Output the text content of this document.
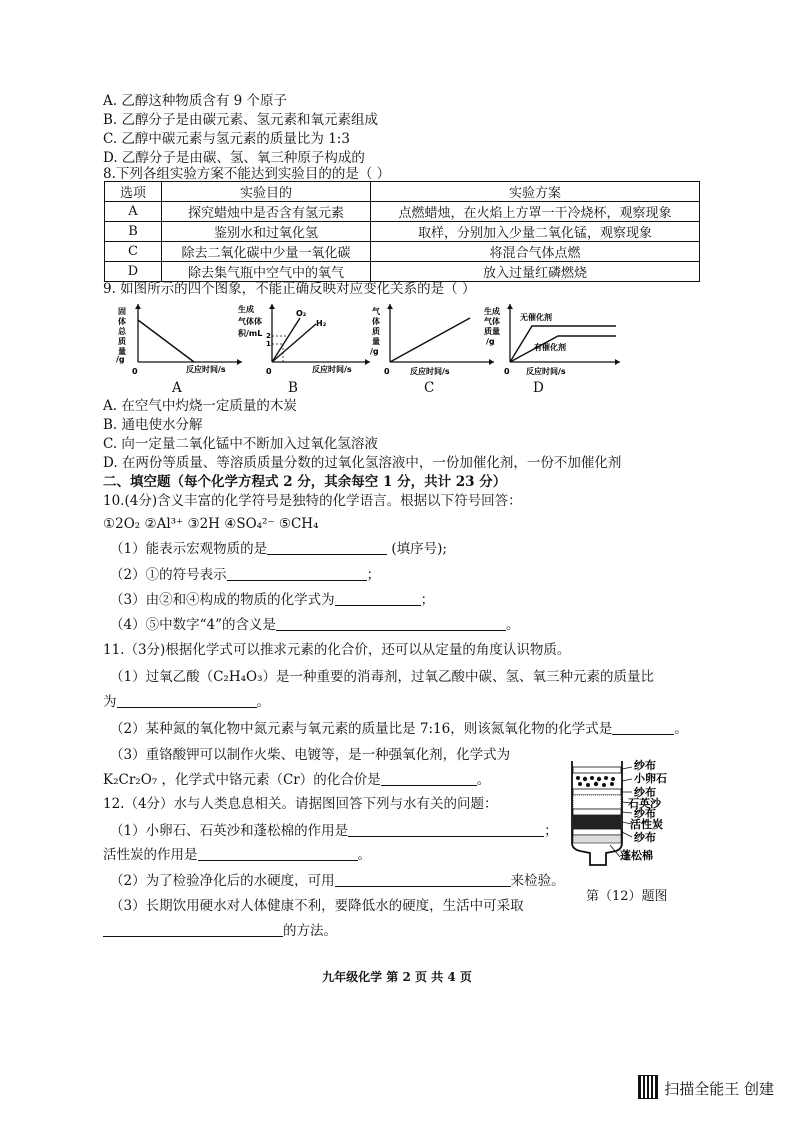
A. 乙醇这种物质含有 9 个原子
B. 乙醇分子是由碳元素、氢元素和氧元素组成
C. 乙醇中碳元素与氢元素的质量比为 1:3
D. 乙醇分子是由碳、氢、氧三种原子构成的
8.下列各组实验方案不能达到实验目的的是（ ）
选项	实验目的	实验方案
A	探究蜡烛中是否含有氢元素	点燃蜡烛，在火焰上方罩一干冷烧杯，观察现象
B	鉴别水和过氧化氢	取样，分别加入少量二氧化锰，观察现象
C	除去二氧化碳中少量一氧化碳	将混合气体点燃
D	除去集气瓶中空气中的氧气	放入过量红磷燃烧
9. 如图所示的四个图象，不能正确反映对应变化关系的是（ ）
固
体
总
质
量
/g
0	反应时间/s
A
生成
气体体
积/mL 2
1
O₂
H₂
0	反应时间/s
B
气
体
质
量
/g
0	反应时间/s
C
生成
气体
质量
/g
无催化剂
有催化剂
0 反应时间/s
D
A. 在空气中灼烧一定质量的木炭
B. 通电使水分解
C. 向一定量二氧化锰中不断加入过氧化氢溶液
D. 在两份等质量、等溶质质量分数的过氧化氢溶液中，一份加催化剂，一份不加催化剂
二、填空题（每个化学方程式 2 分，其余每空 1 分，共计 23 分）
10.(4分)含义丰富的化学符号是独特的化学语言。根据以下符号回答：
①2O₂ ②Al³⁺ ③2H ④SO₄²⁻ ⑤CH₄
（1）能表示宏观物质的是	(填序号);
（2）①的符号表示	；
（3）由②和④构成的物质的化学式为	；
（4）⑤中数字“4”的含义是	。
11.（3分)根据化学式可以推求元素的化合价，还可以从定量的角度认识物质。
（1）过氧乙酸（C₂H₄O₃）是一种重要的消毒剂，过氧乙酸中碳、氢、氧三种元素的质量比
为	。
（2）某种氮的氧化物中氮元素与氧元素的质量比是 7:16，则该氮氧化物的化学式是	。
（3）重铬酸钾可以制作火柴、电镀等，是一种强氧化剂，化学式为
K₂Cr₂O₇ ，化学式中铬元素（Cr）的化合价是	。
12.（4分）水与人类息息相关。请据图回答下列与水有关的问题：
（1）小卵石、石英沙和蓬松棉的作用是	；
活性炭的作用是	。
（2）为了检验净化后的水硬度，可用	来检验。
（3）长期饮用硬水对人体健康不利，要降低水的硬度，生活中可采取
的方法。
纱布
小卵石
纱布
石英沙
纱布
活性炭
纱布
蓬松棉
第（12）题图
九年级化学 第 2 页 共 4 页
扫描全能王 创建
